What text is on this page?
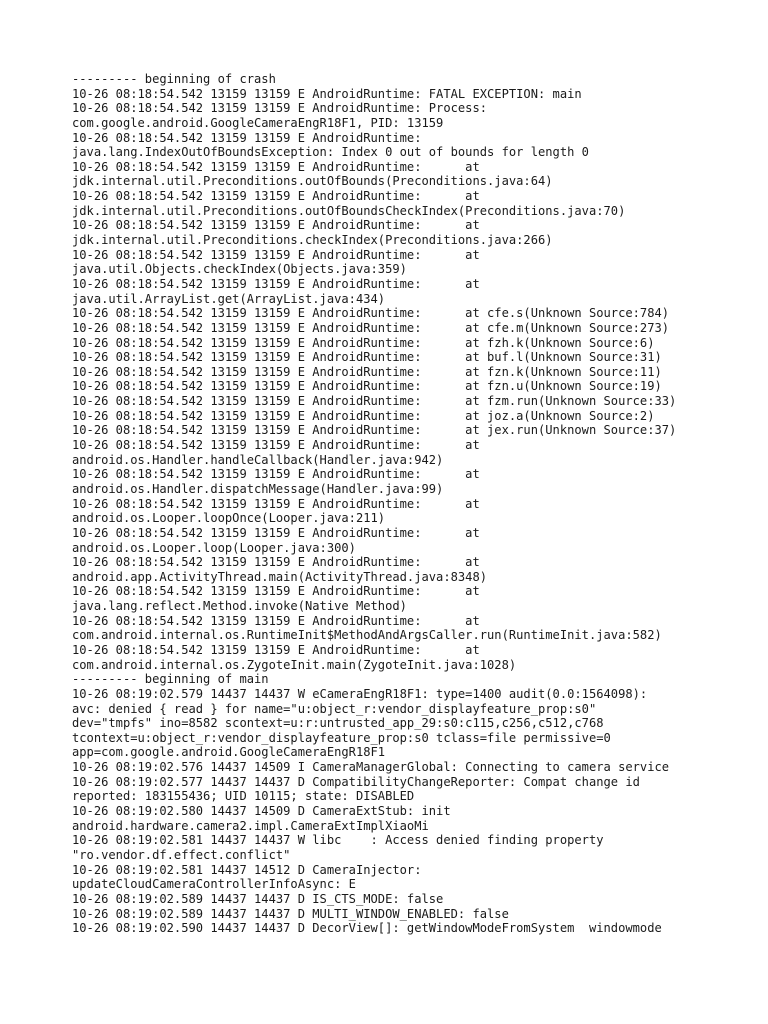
--------- beginning of crash
10-26 08:18:54.542 13159 13159 E AndroidRuntime: FATAL EXCEPTION: main
10-26 08:18:54.542 13159 13159 E AndroidRuntime: Process:
com.google.android.GoogleCameraEngR18F1, PID: 13159
10-26 08:18:54.542 13159 13159 E AndroidRuntime:
java.lang.IndexOutOfBoundsException: Index 0 out of bounds for length 0
10-26 08:18:54.542 13159 13159 E AndroidRuntime:      at
jdk.internal.util.Preconditions.outOfBounds(Preconditions.java:64)
10-26 08:18:54.542 13159 13159 E AndroidRuntime:      at
jdk.internal.util.Preconditions.outOfBoundsCheckIndex(Preconditions.java:70)
10-26 08:18:54.542 13159 13159 E AndroidRuntime:      at
jdk.internal.util.Preconditions.checkIndex(Preconditions.java:266)
10-26 08:18:54.542 13159 13159 E AndroidRuntime:      at
java.util.Objects.checkIndex(Objects.java:359)
10-26 08:18:54.542 13159 13159 E AndroidRuntime:      at
java.util.ArrayList.get(ArrayList.java:434)
10-26 08:18:54.542 13159 13159 E AndroidRuntime:      at cfe.s(Unknown Source:784)
10-26 08:18:54.542 13159 13159 E AndroidRuntime:      at cfe.m(Unknown Source:273)
10-26 08:18:54.542 13159 13159 E AndroidRuntime:      at fzh.k(Unknown Source:6)
10-26 08:18:54.542 13159 13159 E AndroidRuntime:      at buf.l(Unknown Source:31)
10-26 08:18:54.542 13159 13159 E AndroidRuntime:      at fzn.k(Unknown Source:11)
10-26 08:18:54.542 13159 13159 E AndroidRuntime:      at fzn.u(Unknown Source:19)
10-26 08:18:54.542 13159 13159 E AndroidRuntime:      at fzm.run(Unknown Source:33)
10-26 08:18:54.542 13159 13159 E AndroidRuntime:      at joz.a(Unknown Source:2)
10-26 08:18:54.542 13159 13159 E AndroidRuntime:      at jex.run(Unknown Source:37)
10-26 08:18:54.542 13159 13159 E AndroidRuntime:      at
android.os.Handler.handleCallback(Handler.java:942)
10-26 08:18:54.542 13159 13159 E AndroidRuntime:      at
android.os.Handler.dispatchMessage(Handler.java:99)
10-26 08:18:54.542 13159 13159 E AndroidRuntime:      at
android.os.Looper.loopOnce(Looper.java:211)
10-26 08:18:54.542 13159 13159 E AndroidRuntime:      at
android.os.Looper.loop(Looper.java:300)
10-26 08:18:54.542 13159 13159 E AndroidRuntime:      at
android.app.ActivityThread.main(ActivityThread.java:8348)
10-26 08:18:54.542 13159 13159 E AndroidRuntime:      at
java.lang.reflect.Method.invoke(Native Method)
10-26 08:18:54.542 13159 13159 E AndroidRuntime:      at
com.android.internal.os.RuntimeInit$MethodAndArgsCaller.run(RuntimeInit.java:582)
10-26 08:18:54.542 13159 13159 E AndroidRuntime:      at
com.android.internal.os.ZygoteInit.main(ZygoteInit.java:1028)
--------- beginning of main
10-26 08:19:02.579 14437 14437 W eCameraEngR18F1: type=1400 audit(0.0:1564098):
avc: denied { read } for name="u:object_r:vendor_displayfeature_prop:s0"
dev="tmpfs" ino=8582 scontext=u:r:untrusted_app_29:s0:c115,c256,c512,c768
tcontext=u:object_r:vendor_displayfeature_prop:s0 tclass=file permissive=0
app=com.google.android.GoogleCameraEngR18F1
10-26 08:19:02.576 14437 14509 I CameraManagerGlobal: Connecting to camera service
10-26 08:19:02.577 14437 14437 D CompatibilityChangeReporter: Compat change id
reported: 183155436; UID 10115; state: DISABLED
10-26 08:19:02.580 14437 14509 D CameraExtStub: init
android.hardware.camera2.impl.CameraExtImplXiaoMi
10-26 08:19:02.581 14437 14437 W libc    : Access denied finding property
"ro.vendor.df.effect.conflict"
10-26 08:19:02.581 14437 14512 D CameraInjector:
updateCloudCameraControllerInfoAsync: E
10-26 08:19:02.589 14437 14437 D IS_CTS_MODE: false
10-26 08:19:02.589 14437 14437 D MULTI_WINDOW_ENABLED: false
10-26 08:19:02.590 14437 14437 D DecorView[]: getWindowModeFromSystem  windowmode
